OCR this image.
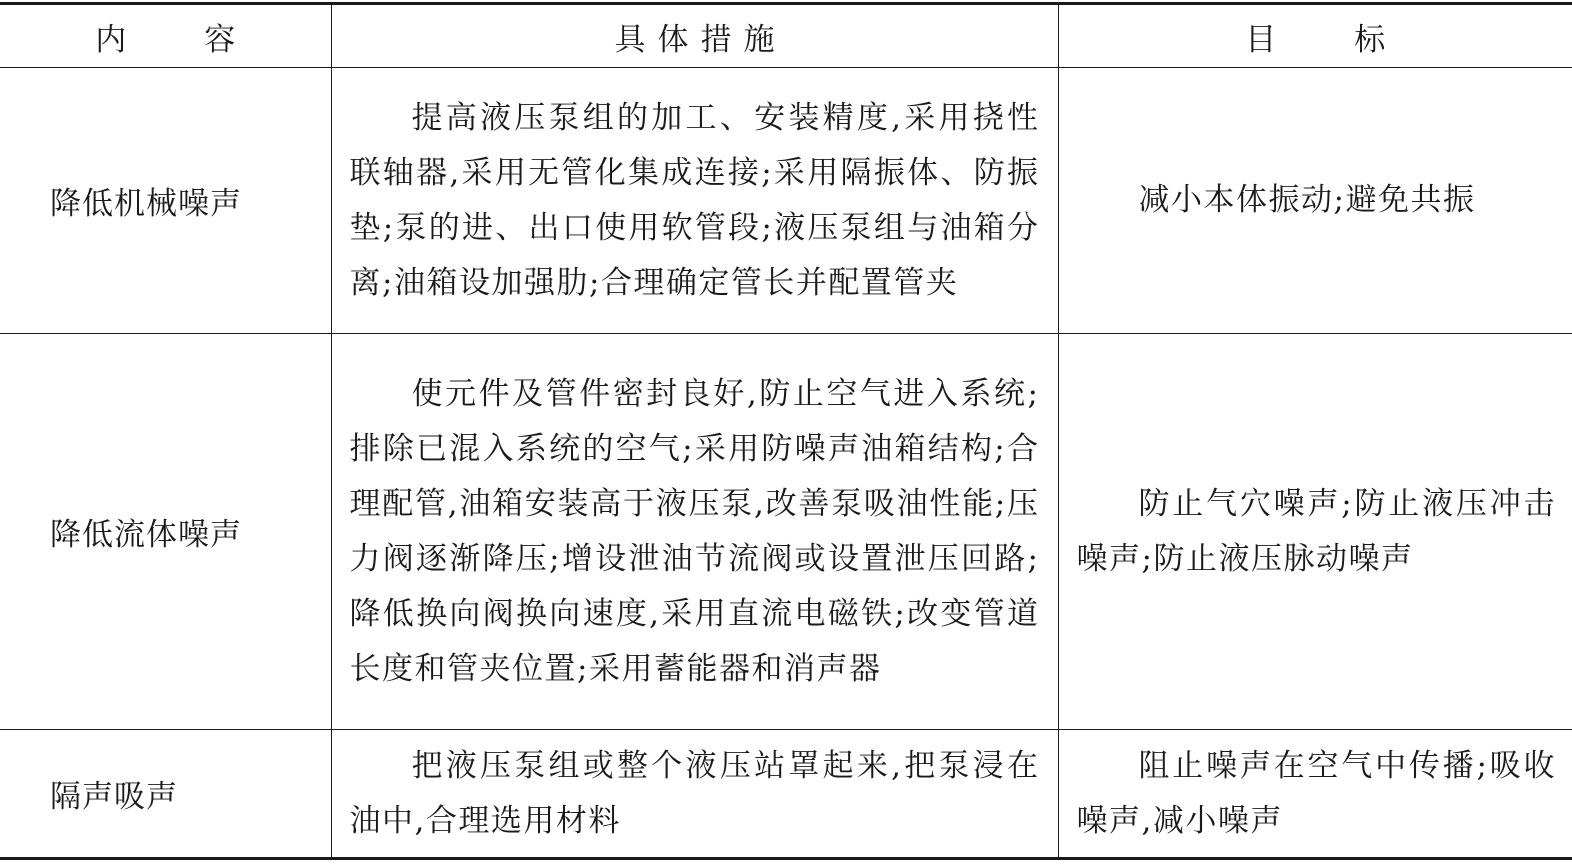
内容	具体措施	目标
降低机械噪声	提高液压泵组的加工、安装精度,采用挠性联轴器,采用无管化集成连接;采用隔振体、防振垫;泵的进、出口使用软管段;液压泵组与油箱分离;油箱设加强肋;合理确定管长并配置管夹	减小本体振动;避免共振

降低流体噪声	使元件及管件密封良好,防止空气进入系统;排除已混入系统的空气;采用防噪声油箱结构;合理配管,油箱安装高于液压泵,改善泵吸油性能;压力阀逐渐降压;增设泄油节流阀或设置泄压回路;降低换向阀换向速度,采用直流电磁铁;改变管道长度和管夹位置;采用蓄能器和消声器	防止气穴噪声;防止液压冲击噪声;防止液压脉动噪声

隔声吸声	把液压泵组或整个液压站罩起来,把泵浸在油中,合理选用材料	阻止噪声在空气中传播;吸收噪声,减小噪声
